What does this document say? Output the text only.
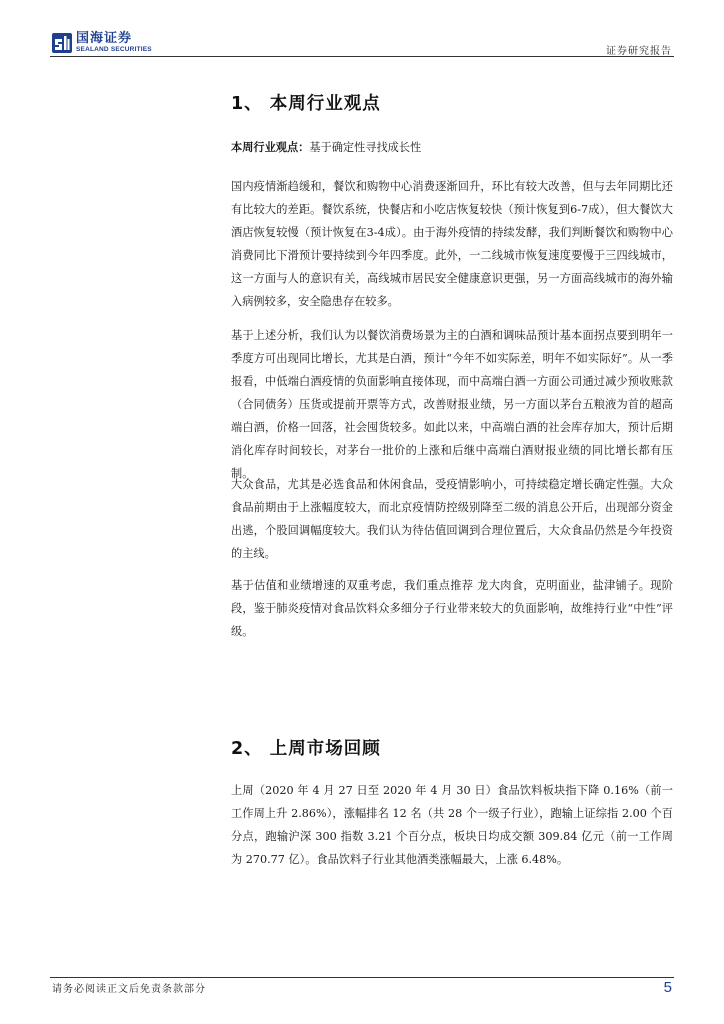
国海证券
SEALAND SECURITIES	证券研究报告
1、 本周行业观点

本周行业观点：基于确定性寻找成长性

国内疫情渐趋缓和，餐饮和购物中心消费逐渐回升，环比有较大改善，但与去年同期比还有比较大的差距。餐饮系统，快餐店和小吃店恢复较快（预计恢复到6-7成），但大餐饮大酒店恢复较慢（预计恢复在3-4成）。由于海外疫情的持续发酵，我们判断餐饮和购物中心消费同比下滑预计要持续到今年四季度。此外，一二线城市恢复速度要慢于三四线城市，这一方面与人的意识有关，高线城市居民安全健康意识更强，另一方面高线城市的海外输入病例较多，安全隐患存在较多。

基于上述分析，我们认为以餐饮消费场景为主的白酒和调味品预计基本面拐点要到明年一季度方可出现同比增长，尤其是白酒，预计“今年不如实际差，明年不如实际好”。从一季报看，中低端白酒疫情的负面影响直接体现，而中高端白酒一方面公司通过减少预收账款（合同债务）压货或提前开票等方式，改善财报业绩，另一方面以茅台五粮液为首的超高端白酒，价格一回落，社会囤货较多。如此以来，中高端白酒的社会库存加大，预计后期消化库存时间较长，对茅台一批价的上涨和后继中高端白酒财报业绩的同比增长都有压制。

大众食品，尤其是必选食品和休闲食品，受疫情影响小，可持续稳定增长确定性强。大众食品前期由于上涨幅度较大，而北京疫情防控级别降至二级的消息公开后，出现部分资金出逃，个股回调幅度较大。我们认为待估值回调到合理位置后，大众食品仍然是今年投资的主线。

基于估值和业绩增速的双重考虑，我们重点推荐 龙大肉食，克明面业，盐津铺子。现阶段，鉴于肺炎疫情对食品饮料众多细分子行业带来较大的负面影响，故维持行业“中性”评级。

2、 上周市场回顾

上周（2020 年 4 月 27 日至 2020 年 4 月 30 日）食品饮料板块指下降 0.16%（前一工作周上升 2.86%），涨幅排名 12 名（共 28 个一级子行业），跑输上证综指 2.00 个百分点，跑输沪深 300 指数 3.21 个百分点，板块日均成交额 309.84 亿元（前一工作周为 270.77 亿）。食品饮料子行业其他酒类涨幅最大，上涨 6.48%。

请务必阅读正文后免责条款部分	5
